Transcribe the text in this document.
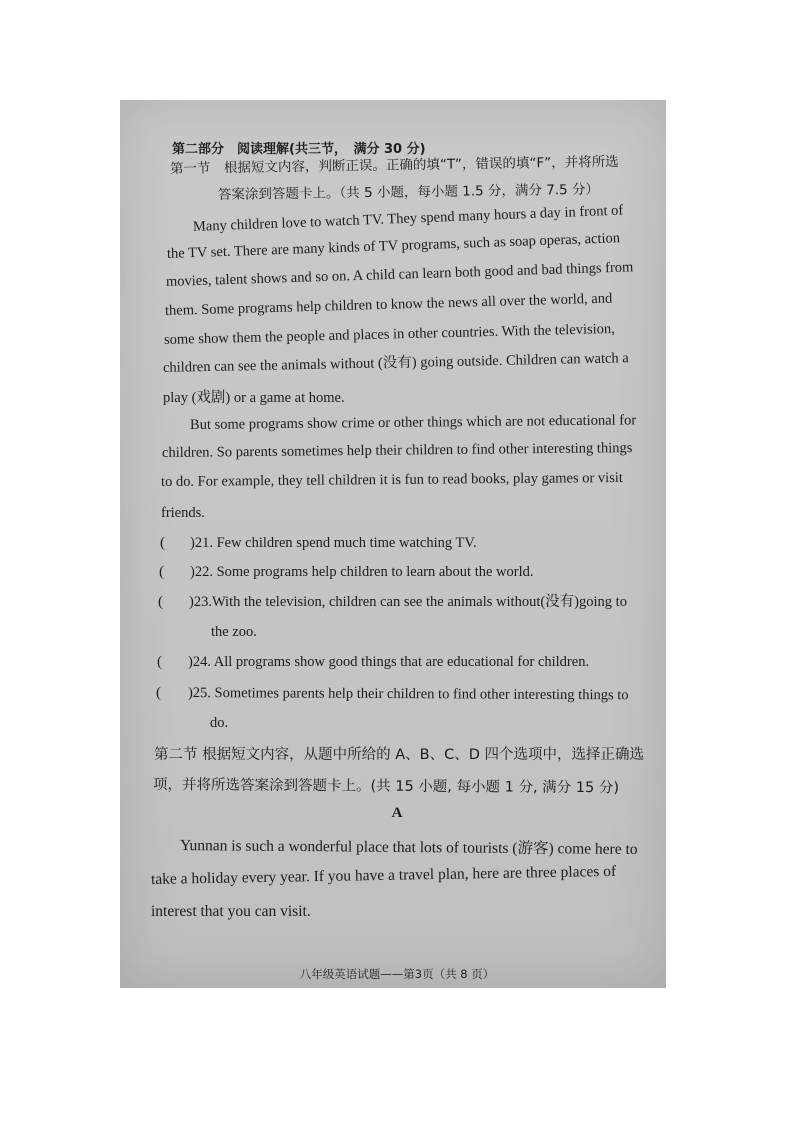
第二部分　阅读理解(共三节，　满分 30 分)
第一节　根据短文内容，判断正误。正确的填“T”，错误的填“F”，并将所选
答案涂到答题卡上。（共 5 小题，每小题 1.5 分，满分 7.5 分）
Many children love to watch TV. They spend many hours a day in front of
the TV set. There are many kinds of TV programs, such as soap operas, action
movies, talent shows and so on. A child can learn both good and bad things from
them. Some programs help children to know the news all over the world, and
some show them the people and places in other countries. With the television,
children can see the animals without (没有) going outside. Children can watch a
play (戏剧) or a game at home.
But some programs show crime or other things which are not educational for
children. So parents sometimes help their children to find other interesting things
to do. For example, they tell children it is fun to read books, play games or visit
friends.
( )21. Few children spend much time watching TV.
( )22. Some programs help children to learn about the world.
( )23.With the television, children can see the animals without(没有)going to
the zoo.
( )24. All programs show good things that are educational for children.
( )25. Sometimes parents help their children to find other interesting things to
do.
第二节 根据短文内容，从题中所给的 A、B、C、D 四个选项中，选择正确选
项，并将所选答案涂到答题卡上。(共 15 小题, 每小题 1 分, 满分 15 分)
A
Yunnan is such a wonderful place that lots of tourists (游客) come here to
take a holiday every year. If you have a travel plan, here are three places of
interest that you can visit.
八年级英语试题——第3页（共 8 页）
